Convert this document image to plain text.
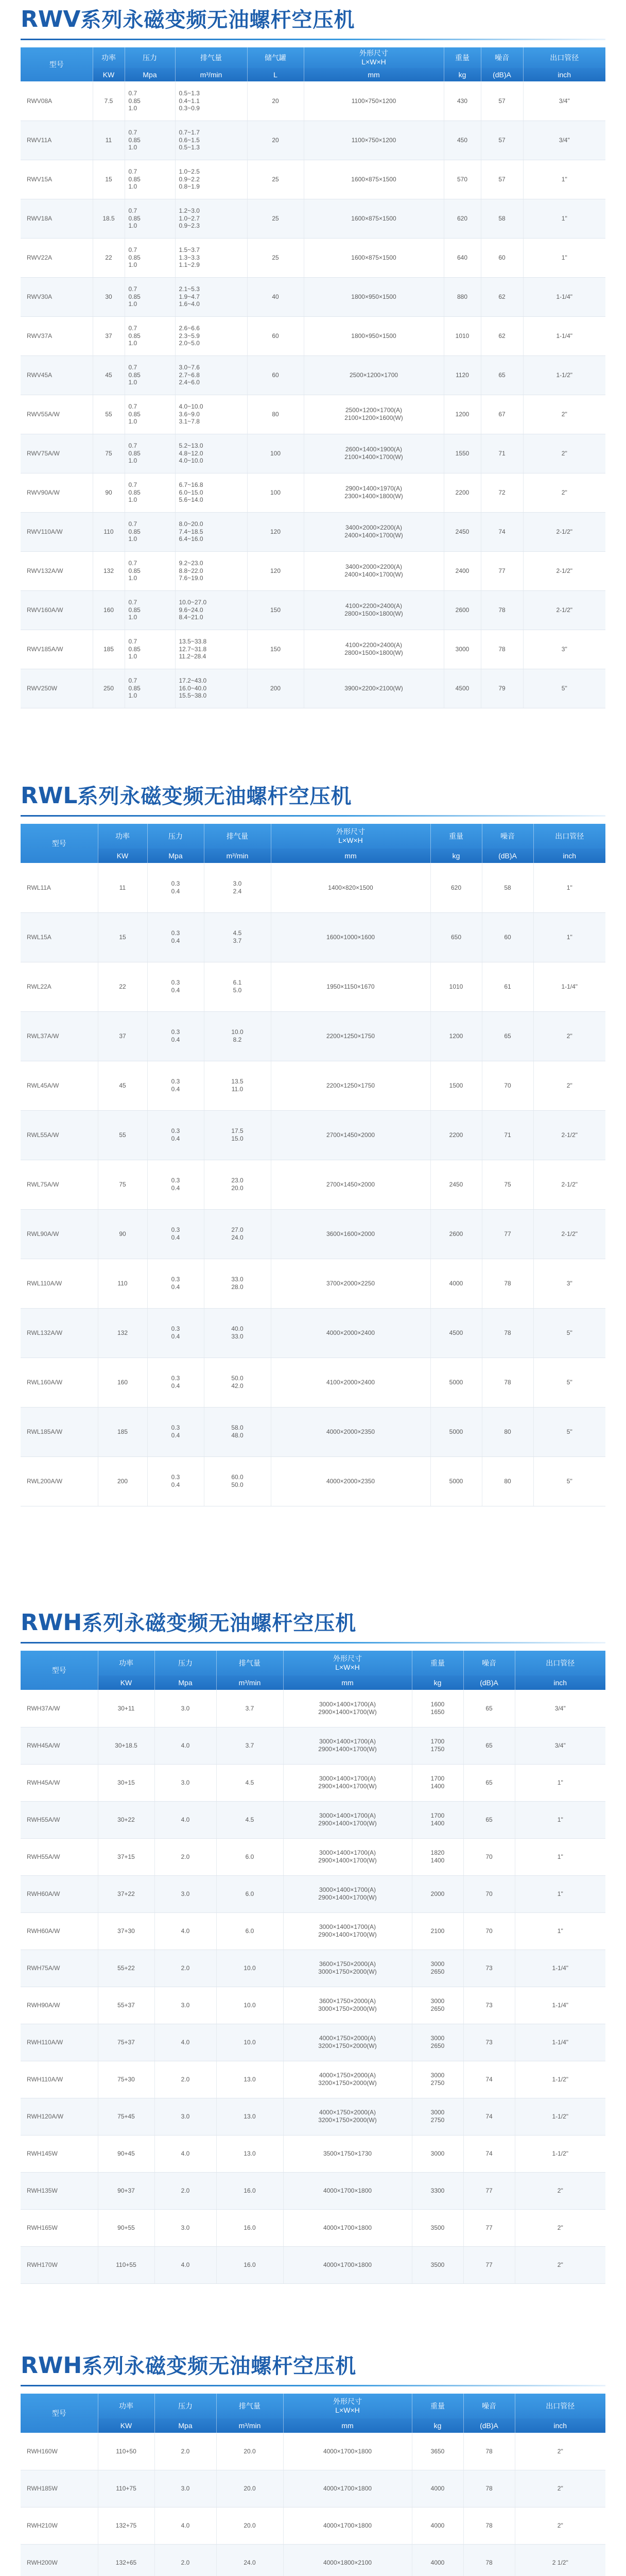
RWV系列永磁变频无油螺杆空压机
型号	功率	压力	排气量	储气罐	外形尺寸
L×W×H	重量	噪音	出口管径
	KW	Mpa	m³/min	L	mm	kg	(dB)A	inch
RWV08A	7.5	0.7
0.85
1.0	0.5~1.3
0.4~1.1
0.3~0.9	20	1100×750×1200	430	57	3/4"
RWV11A	11	0.7
0.85
1.0	0.7~1.7
0.6~1.5
0.5~1.3	20	1100×750×1200	450	57	3/4"
RWV15A	15	0.7
0.85
1.0	1.0~2.5
0.9~2.2
0.8~1.9	25	1600×875×1500	570	57	1"
RWV18A	18.5	0.7
0.85
1.0	1.2~3.0
1.0~2.7
0.9~2.3	25	1600×875×1500	620	58	1"
RWV22A	22	0.7
0.85
1.0	1.5~3.7
1.3~3.3
1.1~2.9	25	1600×875×1500	640	60	1"
RWV30A	30	0.7
0.85
1.0	2.1~5.3
1.9~4.7
1.6~4.0	40	1800×950×1500	880	62	1-1/4"
RWV37A	37	0.7
0.85
1.0	2.6~6.6
2.3~5.9
2.0~5.0	60	1800×950×1500	1010	62	1-1/4"
RWV45A	45	0.7
0.85
1.0	3.0~7.6
2.7~6.8
2.4~6.0	60	2500×1200×1700	1120	65	1-1/2"
RWV55A/W	55	0.7
0.85
1.0	4.0~10.0
3.6~9.0
3.1~7.8	80	2500×1200×1700(A)
2100×1200×1600(W)	1200	67	2"
RWV75A/W	75	0.7
0.85
1.0	5.2~13.0
4.8~12.0
4.0~10.0	100	2600×1400×1900(A)
2100×1400×1700(W)	1550	71	2"
RWV90A/W	90	0.7
0.85
1.0	6.7~16.8
6.0~15.0
5.6~14.0	100	2900×1400×1970(A)
2300×1400×1800(W)	2200	72	2"
RWV110A/W	110	0.7
0.85
1.0	8.0~20.0
7.4~18.5
6.4~16.0	120	3400×2000×2200(A)
2400×1400×1700(W)	2450	74	2-1/2"
RWV132A/W	132	0.7
0.85
1.0	9.2~23.0
8.8~22.0
7.6~19.0	120	3400×2000×2200(A)
2400×1400×1700(W)	2400	77	2-1/2"
RWV160A/W	160	0.7
0.85
1.0	10.0~27.0
9.6~24.0
8.4~21.0	150	4100×2200×2400(A)
2800×1500×1800(W)	2600	78	2-1/2"
RWV185A/W	185	0.7
0.85
1.0	13.5~33.8
12.7~31.8
11.2~28.4	150	4100×2200×2400(A)
2800×1500×1800(W)	3000	78	3"
RWV250W	250	0.7
0.85
1.0	17.2~43.0
16.0~40.0
15.5~38.0	200	3900×2200×2100(W)	4500	79	5"
RWL系列永磁变频无油螺杆空压机
型号	功率	压力	排气量	外形尺寸
L×W×H	重量	噪音	出口管径
	KW	Mpa	m³/min	mm	kg	(dB)A	inch
RWL11A	11	0.3
0.4	3.0
2.4	1400×820×1500	620	58	1"
RWL15A	15	0.3
0.4	4.5
3.7	1600×1000×1600	650	60	1"
RWL22A	22	0.3
0.4	6.1
5.0	1950×1150×1670	1010	61	1-1/4"
RWL37A/W	37	0.3
0.4	10.0
8.2	2200×1250×1750	1200	65	2"
RWL45A/W	45	0.3
0.4	13.5
11.0	2200×1250×1750	1500	70	2"
RWL55A/W	55	0.3
0.4	17.5
15.0	2700×1450×2000	2200	71	2-1/2"
RWL75A/W	75	0.3
0.4	23.0
20.0	2700×1450×2000	2450	75	2-1/2"
RWL90A/W	90	0.3
0.4	27.0
24.0	3600×1600×2000	2600	77	2-1/2"
RWL110A/W	110	0.3
0.4	33.0
28.0	3700×2000×2250	4000	78	3"
RWL132A/W	132	0.3
0.4	40.0
33.0	4000×2000×2400	4500	78	5"
RWL160A/W	160	0.3
0.4	50.0
42.0	4100×2000×2400	5000	78	5"
RWL185A/W	185	0.3
0.4	58.0
48.0	4000×2000×2350	5000	80	5"
RWL200A/W	200	0.3
0.4	60.0
50.0	4000×2000×2350	5000	80	5"
RWH系列永磁变频无油螺杆空压机
型号	功率	压力	排气量	外形尺寸
L×W×H	重量	噪音	出口管径
	KW	Mpa	m³/min	mm	kg	(dB)A	inch
RWH37A/W	30+11	3.0	3.7	3000×1400×1700(A)
2900×1400×1700(W)	1600
1650	65	3/4"
RWH45A/W	30+18.5	4.0	3.7	3000×1400×1700(A)
2900×1400×1700(W)	1700
1750	65	3/4"
RWH45A/W	30+15	3.0	4.5	3000×1400×1700(A)
2900×1400×1700(W)	1700
1400	65	1"
RWH55A/W	30+22	4.0	4.5	3000×1400×1700(A)
2900×1400×1700(W)	1700
1400	65	1"
RWH55A/W	37+15	2.0	6.0	3000×1400×1700(A)
2900×1400×1700(W)	1820
1400	70	1"
RWH60A/W	37+22	3.0	6.0	3000×1400×1700(A)
2900×1400×1700(W)	2000	70	1"
RWH60A/W	37+30	4.0	6.0	3000×1400×1700(A)
2900×1400×1700(W)	2100	70	1"
RWH75A/W	55+22	2.0	10.0	3600×1750×2000(A)
3000×1750×2000(W)	3000
2650	73	1-1/4"
RWH90A/W	55+37	3.0	10.0	3600×1750×2000(A)
3000×1750×2000(W)	3000
2650	73	1-1/4"
RWH110A/W	75+37	4.0	10.0	4000×1750×2000(A)
3200×1750×2000(W)	3000
2650	73	1-1/4"
RWH110A/W	75+30	2.0	13.0	4000×1750×2000(A)
3200×1750×2000(W)	3000
2750	74	1-1/2"
RWH120A/W	75+45	3.0	13.0	4000×1750×2000(A)
3200×1750×2000(W)	3000
2750	74	1-1/2"
RWH145W	90+45	4.0	13.0	3500×1750×1730	3000	74	1-1/2"
RWH135W	90+37	2.0	16.0	4000×1700×1800	3300	77	2"
RWH165W	90+55	3.0	16.0	4000×1700×1800	3500	77	2"
RWH170W	110+55	4.0	16.0	4000×1700×1800	3500	77	2"
RWH系列永磁变频无油螺杆空压机
型号	功率	压力	排气量	外形尺寸
L×W×H	重量	噪音	出口管径
	KW	Mpa	m³/min	mm	kg	(dB)A	inch
RWH160W	110+50	2.0	20.0	4000×1700×1800	3650	78	2"
RWH185W	110+75	3.0	20.0	4000×1700×1800	4000	78	2"
RWH210W	132+75	4.0	20.0	4000×1700×1800	4000	78	2"
RWH200W	132+65	2.0	24.0	4000×1800×2100	4000	78	2 1/2"
